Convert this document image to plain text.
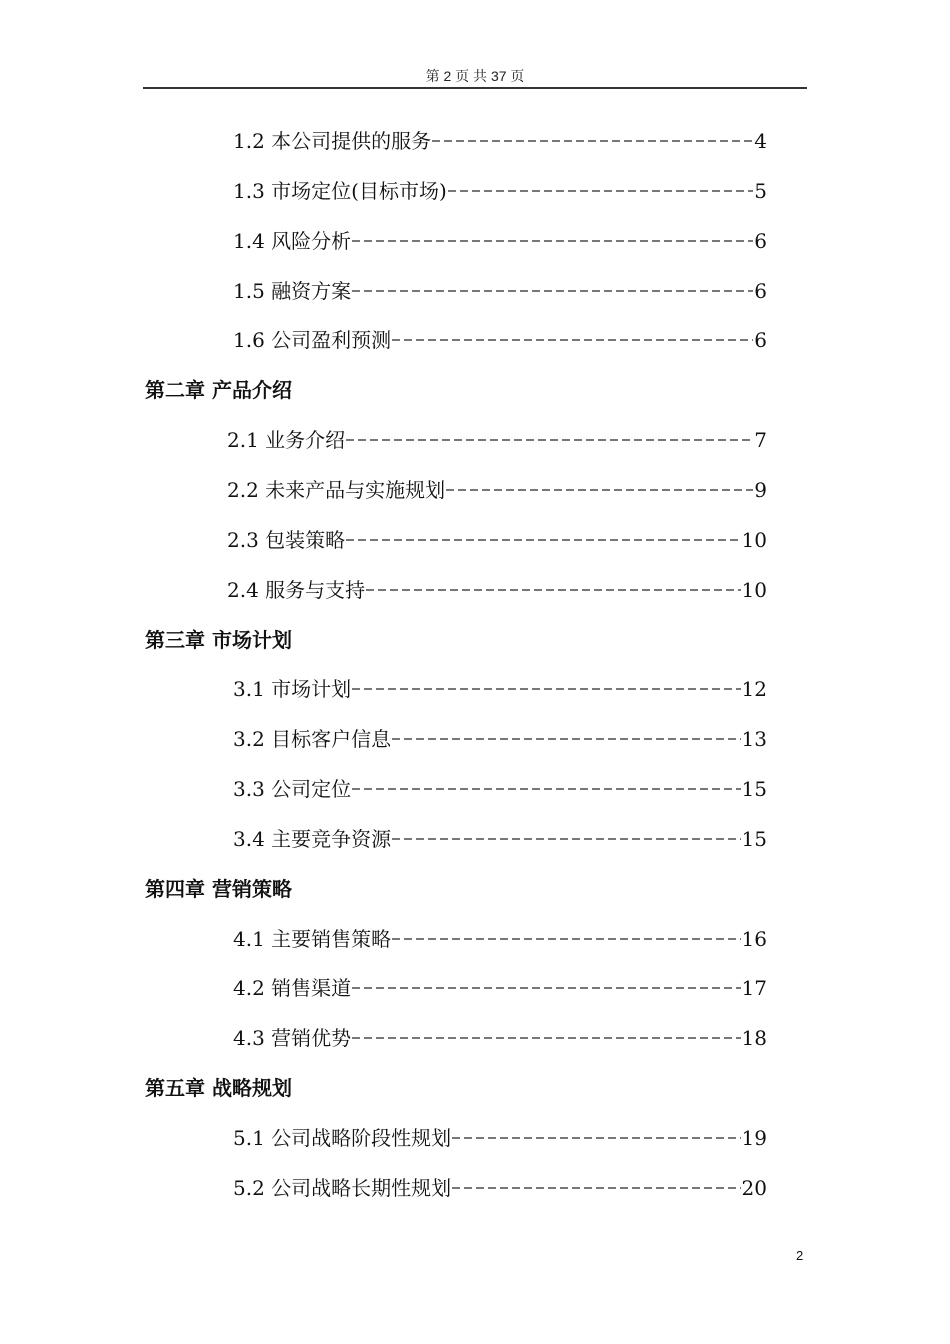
第 2 页 共 37 页
1.2 本公司提供的服务	4
1.3 市场定位(目标市场)	5
1.4 风险分析	6
1.5 融资方案	6
1.6 公司盈利预测	6
第二章 产品介绍
2.1 业务介绍	7
2.2 未来产品与实施规划	9
2.3 包装策略	10
2.4 服务与支持	10
第三章 市场计划
3.1 市场计划	12
3.2 目标客户信息	13
3.3 公司定位	15
3.4 主要竞争资源	15
第四章 营销策略
4.1 主要销售策略	16
4.2 销售渠道	17
4.3 营销优势	18
第五章 战略规划
5.1 公司战略阶段性规划	19
5.2 公司战略长期性规划	20
2
